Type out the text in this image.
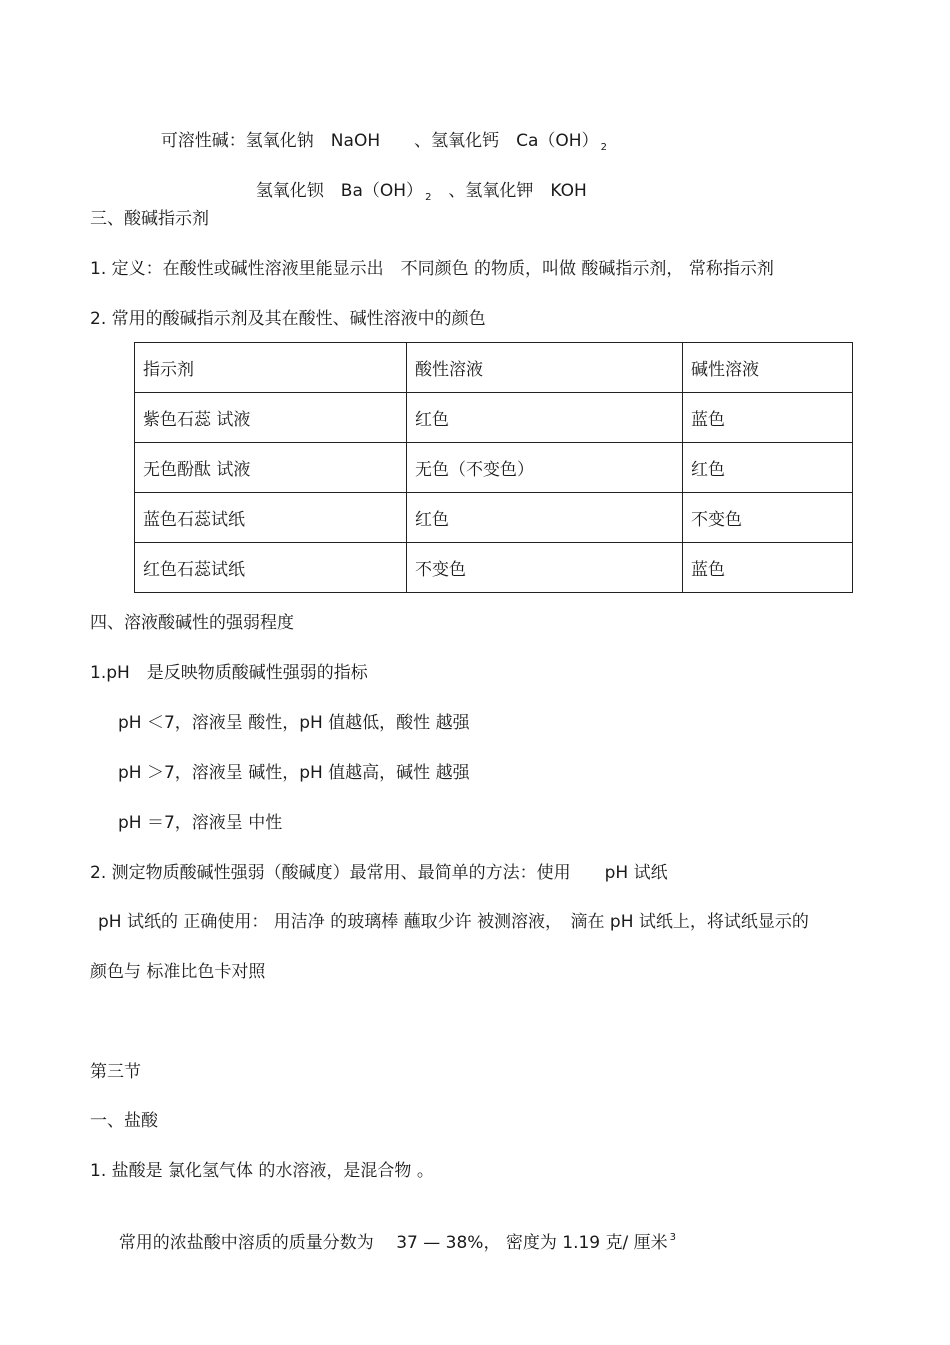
可溶性碱：氢氧化钠　NaOH　　、氢氧化钙　Ca（OH） $_2$

氢氧化钡　Ba（OH） $_2$　、氢氧化钾　KOH

三、酸碱指示剂
1. 定义：在酸性或碱性溶液里能显示出　不同颜色 的物质，叫做 酸碱指示剂， 常称指示剂
2. 常用的酸碱指示剂及其在酸性、碱性溶液中的颜色
指示剂	酸性溶液	碱性溶液
紫色石蕊 试液	红色	蓝色
无色酚酞 试液	无色（不变色）	红色
蓝色石蕊试纸	红色	不变色
红色石蕊试纸	不变色	蓝色
四、溶液酸碱性的强弱程度
1.pH　是反映物质酸碱性强弱的指标
pH ＜7，溶液呈 酸性，pH 值越低，酸性 越强
pH ＞7，溶液呈 碱性，pH 值越高，碱性 越强
pH ＝7，溶液呈 中性
2. 测定物质酸碱性强弱（酸碱度）最常用、最简单的方法：使用　　pH 试纸
pH 试纸的 正确使用： 用洁净 的玻璃棒 蘸取少许 被测溶液，　滴在 pH 试纸上，将试纸显示的
颜色与 标准比色卡对照
第三节
一、盐酸
1. 盐酸是 氯化氢气体 的水溶液，是混合物 。

常用的浓盐酸中溶质的质量分数为　 37 — 38%， 密度为 1.19 克/ 厘米 $^3$
